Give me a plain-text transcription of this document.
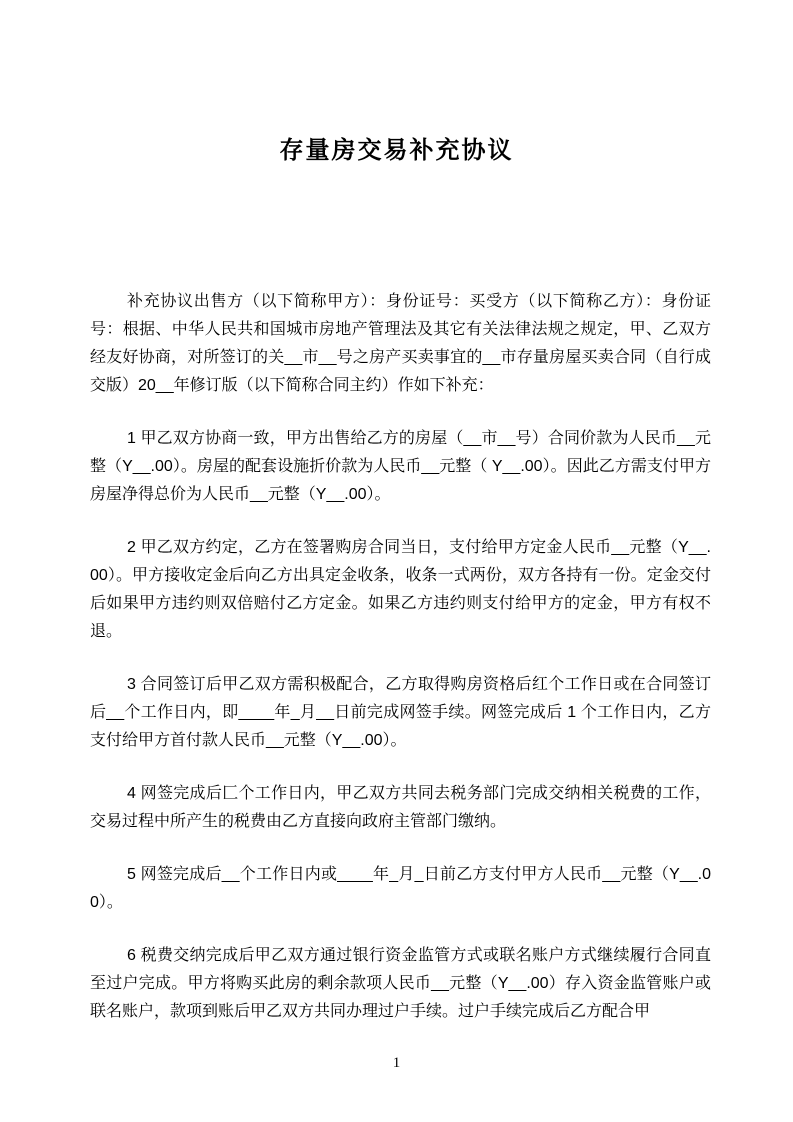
存量房交易补充协议

补充协议出售方（以下简称甲方）：身份证号：买受方（以下简称乙方）：身份证号：根据、中华人民共和国城市房地产管理法及其它有关法律法规之规定，甲、乙双方经友好协商，对所签订的关__市__号之房产买卖事宜的__市存量房屋买卖合同（自行成交版）20__年修订版（以下简称合同主约）作如下补充：

1 甲乙双方协商一致，甲方出售给乙方的房屋（__市__号）合同价款为人民币__元整（Y__.00）。房屋的配套设施折价款为人民币__元整（ Y__.00）。因此乙方需支付甲方房屋净得总价为人民币__元整（Y__.00）。

2 甲乙双方约定，乙方在签署购房合同当日，支付给甲方定金人民币__元整（Y__.00）。甲方接收定金后向乙方出具定金收条，收条一式两份，双方各持有一份。定金交付后如果甲方违约则双倍赔付乙方定金。如果乙方违约则支付给甲方的定金，甲方有权不退。

3 合同签订后甲乙双方需积极配合，乙方取得购房资格后红个工作日或在合同签订后__个工作日内，即____年_月__日前完成网签手续。网签完成后 1 个工作日内，乙方支付给甲方首付款人民币__元整（Y__.00）。

4 网签完成后匚个工作日内，甲乙双方共同去税务部门完成交纳相关税费的工作，交易过程中所产生的税费由乙方直接向政府主管部门缴纳。

5 网签完成后__个工作日内或____年_月_日前乙方支付甲方人民币__元整（Y__.00）。

6 税费交纳完成后甲乙双方通过银行资金监管方式或联名账户方式继续履行合同直至过户完成。甲方将购买此房的剩余款项人民币__元整（Y__.00）存入资金监管账户或联名账户，款项到账后甲乙双方共同办理过户手续。过户手续完成后乙方配合甲

1
